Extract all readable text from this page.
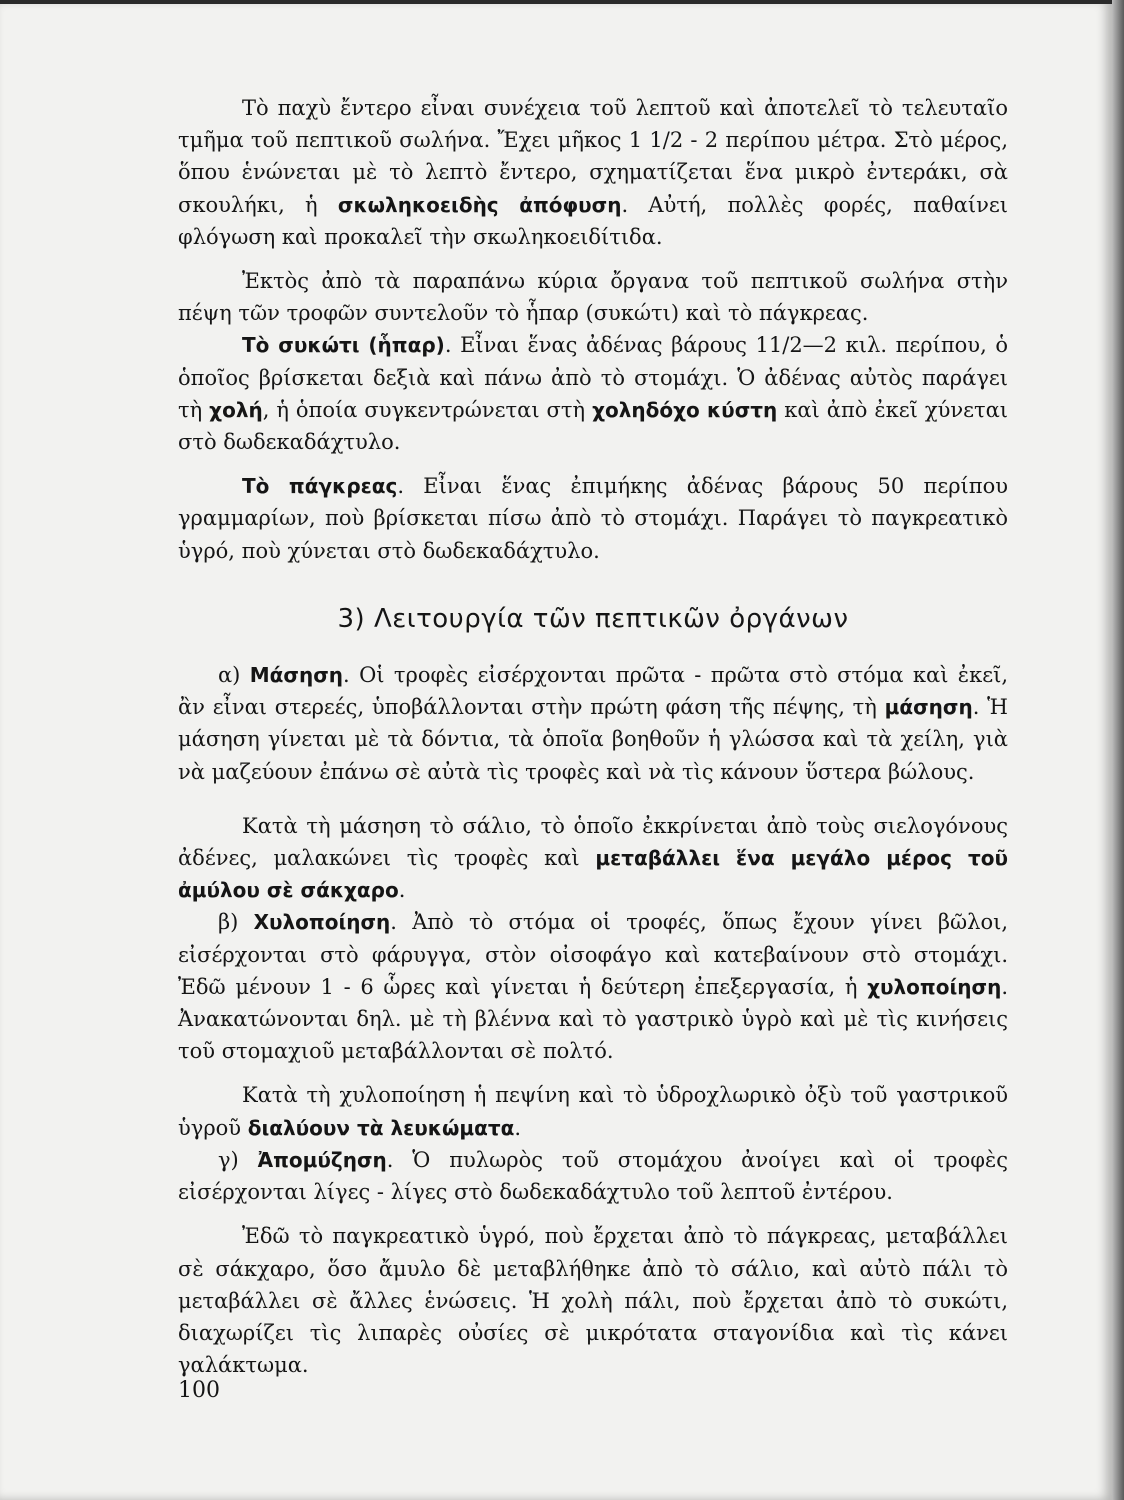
Τὸ παχὺ ἔντερο εἶναι συνέχεια τοῦ λεπτοῦ καὶ ἀποτελεῖ τὸ τελευταῖο τμῆμα τοῦ πεπτικοῦ σωλήνα. Ἔχει μῆκος 1 1/2 - 2 περίπου μέτρα. Στὸ μέρος, ὅπου ἑνώνεται μὲ τὸ λεπτὸ ἔντερο, σχηματίζεται ἕνα μικρὸ ἐντεράκι, σὰ σκουλήκι, ἡ σκωληκοειδὴς ἀπόφυση. Αὐτή, πολλὲς φορές, παθαίνει φλόγωση καὶ προκαλεῖ τὴν σκωληκοειδίτιδα.

Ἐκτὸς ἀπὸ τὰ παραπάνω κύρια ὄργανα τοῦ πεπτικοῦ σωλήνα στὴν πέψη τῶν τροφῶν συντελοῦν τὸ ἧπαρ (συκώτι) καὶ τὸ πάγκρεας.

Τὸ συκώτι (ἧπαρ). Εἶναι ἕνας ἀδένας βάρους 11/2—2 κιλ. περίπου, ὁ ὁποῖος βρίσκεται δεξιὰ καὶ πάνω ἀπὸ τὸ στομάχι. Ὁ ἀδένας αὐτὸς παράγει τὴ χολή, ἡ ὁποία συγκεντρώνεται στὴ χοληδόχο κύστη καὶ ἀπὸ ἐκεῖ χύνεται στὸ δωδεκαδάχτυλο.

Τὸ πάγκρεας. Εἶναι ἕνας ἐπιμήκης ἀδένας βάρους 50 περίπου γραμμαρίων, ποὺ βρίσκεται πίσω ἀπὸ τὸ στομάχι. Παράγει τὸ παγκρεατικὸ ὑγρό, ποὺ χύνεται στὸ δωδεκαδάχτυλο.

3) Λειτουργία τῶν πεπτικῶν ὀργάνων

α) Μάσηση. Οἱ τροφὲς εἰσέρχονται πρῶτα - πρῶτα στὸ στόμα καὶ ἐκεῖ, ἂν εἶναι στερεές, ὑποβάλλονται στὴν πρώτη φάση τῆς πέψης, τὴ μάσηση. Ἡ μάσηση γίνεται μὲ τὰ δόντια, τὰ ὁποῖα βοηθοῦν ἡ γλώσσα καὶ τὰ χείλη, γιὰ νὰ μαζεύουν ἐπάνω σὲ αὐτὰ τὶς τροφὲς καὶ νὰ τὶς κάνουν ὕστερα βώλους.

Κατὰ τὴ μάσηση τὸ σάλιο, τὸ ὁποῖο ἐκκρίνεται ἀπὸ τοὺς σιελογόνους ἀδένες, μαλακώνει τὶς τροφὲς καὶ μεταβάλλει ἕνα μεγάλο μέρος τοῦ ἀμύλου σὲ σάκχαρο.

β) Χυλοποίηση. Ἀπὸ τὸ στόμα οἱ τροφές, ὅπως ἔχουν γίνει βῶλοι, εἰσέρχονται στὸ φάρυγγα, στὸν οἰσοφάγο καὶ κατεβαίνουν στὸ στομάχι. Ἐδῶ μένουν 1 - 6 ὧρες καὶ γίνεται ἡ δεύτερη ἐπεξεργασία, ἡ χυλοποίηση. Ἀνακατώνονται δηλ. μὲ τὴ βλέννα καὶ τὸ γαστρικὸ ὑγρὸ καὶ μὲ τὶς κινήσεις τοῦ στομαχιοῦ μεταβάλλονται σὲ πολτό.

Κατὰ τὴ χυλοποίηση ἡ πεψίνη καὶ τὸ ὑδροχλωρικὸ ὀξὺ τοῦ γαστρικοῦ ὑγροῦ διαλύουν τὰ λευκώματα.

γ) Ἀπομύζηση. Ὁ πυλωρὸς τοῦ στομάχου ἀνοίγει καὶ οἱ τροφὲς εἰσέρχονται λίγες - λίγες στὸ δωδεκαδάχτυλο τοῦ λεπτοῦ ἐντέρου.

Ἐδῶ τὸ παγκρεατικὸ ὑγρό, ποὺ ἔρχεται ἀπὸ τὸ πάγκρεας, μεταβάλλει σὲ σάκχαρο, ὅσο ἄμυλο δὲ μεταβλήθηκε ἀπὸ τὸ σάλιο, καὶ αὐτὸ πάλι τὸ μεταβάλλει σὲ ἄλλες ἑνώσεις. Ἡ χολὴ πάλι, ποὺ ἔρχεται ἀπὸ τὸ συκώτι, διαχωρίζει τὶς λιπαρὲς οὐσίες σὲ μικρότατα σταγονίδια καὶ τὶς κάνει γαλάκτωμα.

100
